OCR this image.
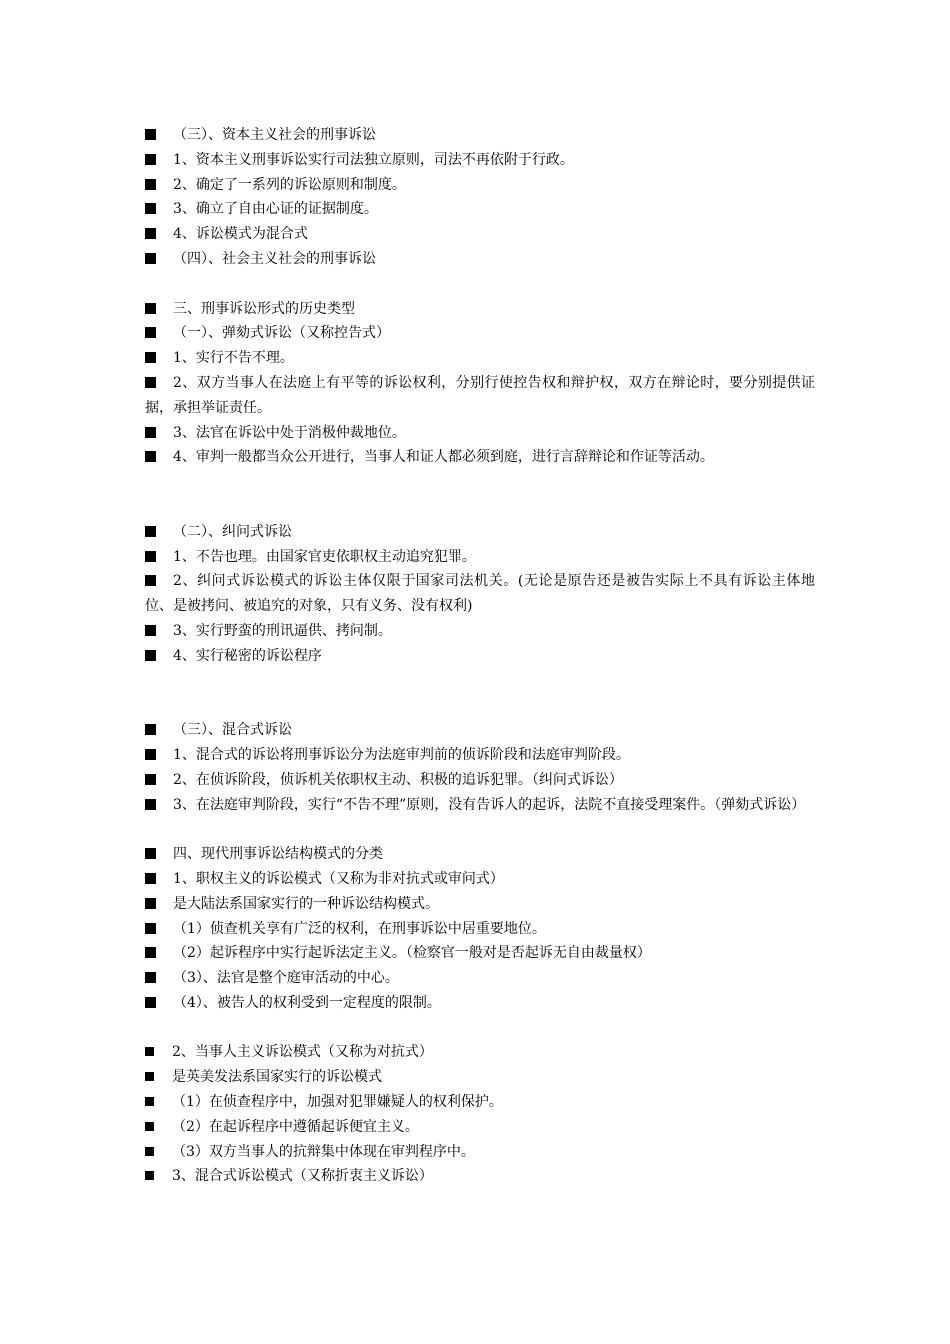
（三）、资本主义社会的刑事诉讼
1、资本主义刑事诉讼实行司法独立原则，司法不再依附于行政。
2、确定了一系列的诉讼原则和制度。
3、确立了自由心证的证据制度。
4、诉讼模式为混合式
（四）、社会主义社会的刑事诉讼
三、刑事诉讼形式的历史类型
（一）、弹劾式诉讼（又称控告式）
1、实行不告不理。
2、双方当事人在法庭上有平等的诉讼权利，分别行使控告权和辩护权，双方在辩论时，要分别提供证据，承担举证责任。
3、法官在诉讼中处于消极仲裁地位。
4、审判一般都当众公开进行，当事人和证人都必须到庭，进行言辞辩论和作证等活动。
（二）、纠问式诉讼
1、不告也理。由国家官吏依职权主动追究犯罪。
2、纠问式诉讼模式的诉讼主体仅限于国家司法机关。(无论是原告还是被告实际上不具有诉讼主体地位、是被拷问、被追究的对象，只有义务、没有权利)
3、实行野蛮的刑讯逼供、拷问制。
4、实行秘密的诉讼程序
（三）、混合式诉讼
1、混合式的诉讼将刑事诉讼分为法庭审判前的侦诉阶段和法庭审判阶段。
2、在侦诉阶段，侦诉机关依职权主动、积极的追诉犯罪。（纠问式诉讼）
3、在法庭审判阶段，实行“不告不理”原则，没有告诉人的起诉，法院不直接受理案件。（弹劾式诉讼）
四、现代刑事诉讼结构模式的分类
1、职权主义的诉讼模式（又称为非对抗式或审问式）
是大陆法系国家实行的一种诉讼结构模式。
（1）侦查机关享有广泛的权利，在刑事诉讼中居重要地位。
（2）起诉程序中实行起诉法定主义。（检察官一般对是否起诉无自由裁量权）
（3）、法官是整个庭审活动的中心。
（4）、被告人的权利受到一定程度的限制。
2、当事人主义诉讼模式（又称为对抗式）
是英美发法系国家实行的诉讼模式
（1）在侦查程序中，加强对犯罪嫌疑人的权利保护。
（2）在起诉程序中遵循起诉便宜主义。
（3）双方当事人的抗辩集中体现在审判程序中。
3、混合式诉讼模式（又称折衷主义诉讼）
